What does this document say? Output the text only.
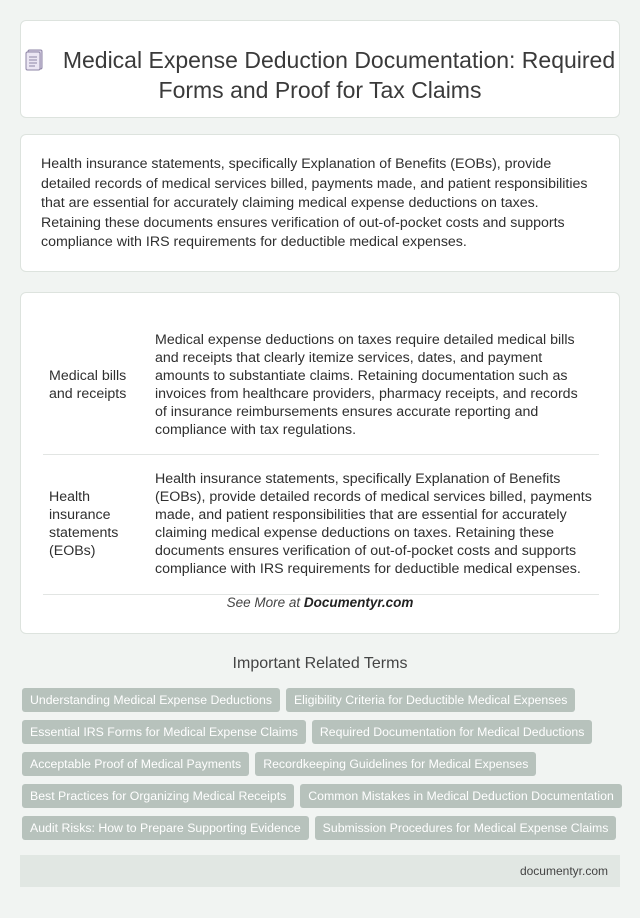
Medical Expense Deduction Documentation: Required Forms and Proof for Tax Claims

Health insurance statements, specifically Explanation of Benefits (EOBs), provide detailed records of medical services billed, payments made, and patient responsibilities that are essential for accurately claiming medical expense deductions on taxes. Retaining these documents ensures verification of out-of-pocket costs and supports compliance with IRS requirements for deductible medical expenses.

Medical bills and receipts	Medical expense deductions on taxes require detailed medical bills and receipts that clearly itemize services, dates, and payment amounts to substantiate claims. Retaining documentation such as invoices from healthcare providers, pharmacy receipts, and records of insurance reimbursements ensures accurate reporting and compliance with tax regulations.
Health insurance statements (EOBs)	Health insurance statements, specifically Explanation of Benefits (EOBs), provide detailed records of medical services billed, payments made, and patient responsibilities that are essential for accurately claiming medical expense deductions on taxes. Retaining these documents ensures verification of out-of-pocket costs and supports compliance with IRS requirements for deductible medical expenses.
See More at Documentyr.com
Important Related Terms
Understanding Medical Expense Deductions Eligibility Criteria for Deductible Medical Expenses
Essential IRS Forms for Medical Expense Claims Required Documentation for Medical Deductions
Acceptable Proof of Medical Payments Recordkeeping Guidelines for Medical Expenses
Best Practices for Organizing Medical Receipts Common Mistakes in Medical Deduction Documentation
Audit Risks: How to Prepare Supporting Evidence Submission Procedures for Medical Expense Claims
documentyr.com
